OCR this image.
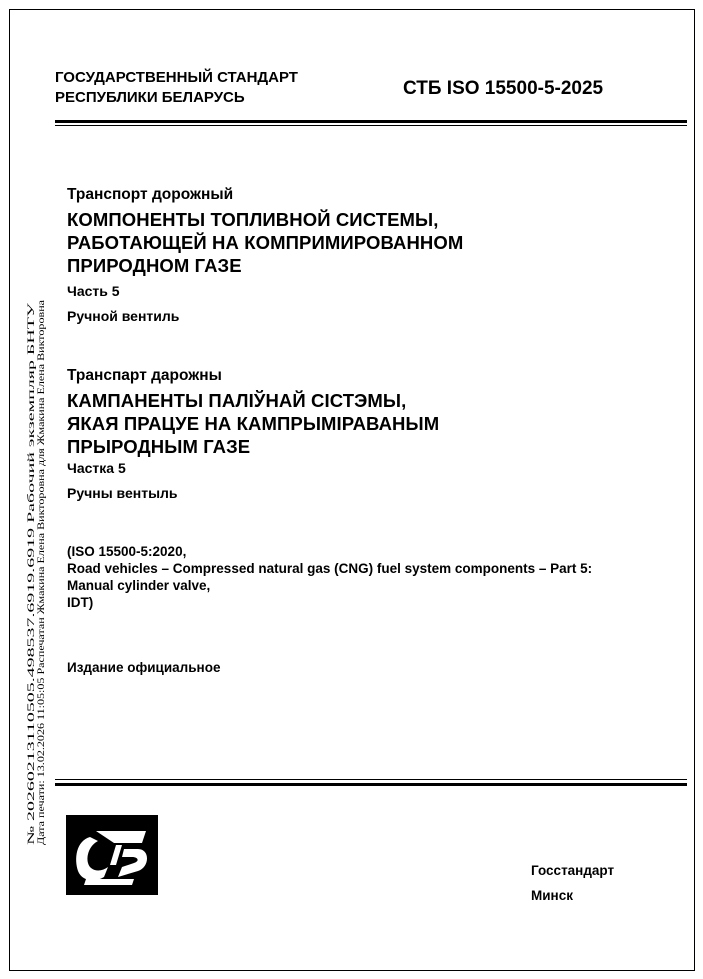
ГОСУДАРСТВЕННЫЙ СТАНДАРТ
РЕСПУБЛИКИ БЕЛАРУСЬ	СТБ ISO 15500-5-2025
Транспорт дорожный
КОМПОНЕНТЫ ТОПЛИВНОЙ СИСТЕМЫ,
РАБОТАЮЩЕЙ НА КОМПРИМИРОВАННОМ
ПРИРОДНОМ ГАЗЕ
Часть 5
Ручной вентиль
Транспарт дарожны
КАМПАНЕНТЫ ПАЛІЎНАЙ СІСТЭМЫ,
ЯКАЯ ПРАЦУЕ НА КАМПРЫМІРАВАНЫМ
ПРЫРОДНЫМ ГАЗЕ
Частка 5
Ручны вентыль
(ISO 15500-5:2020,
Road vehicles – Compressed natural gas (CNG) fuel system components – Part 5:
Manual cylinder valve,
IDT)
Издание официальное
№ 20260213110505.498537.6919.6919 Рабочий экземпляр БНТУ Дата печати: 13.02.2026 11:05:05 Распечатан Жмакина Елена Викторовна для Жмакина Елена Викторовна
Госстандарт
Минск
